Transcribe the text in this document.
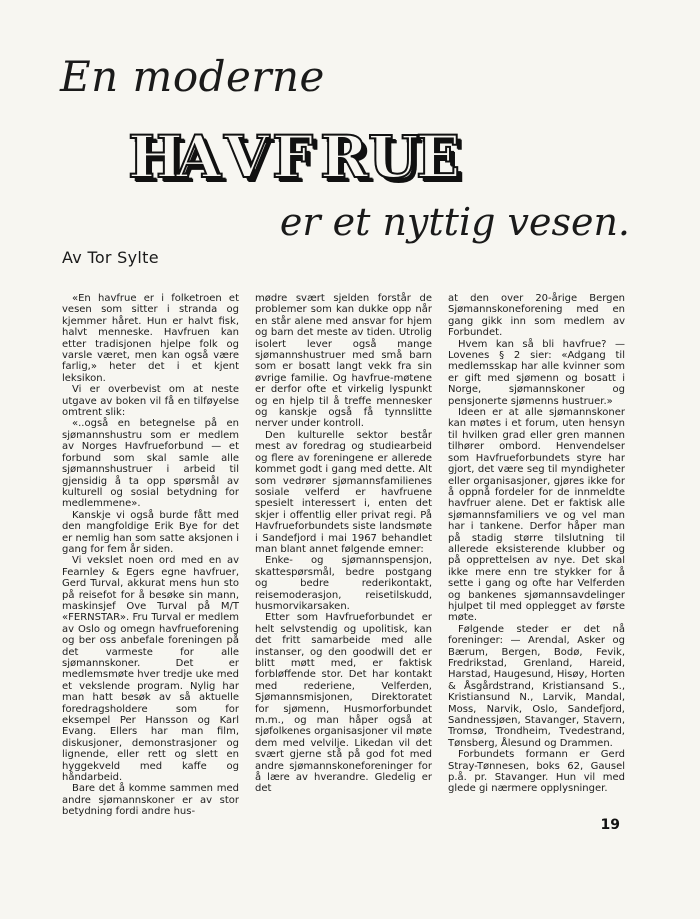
En moderne
HAVF RUE
er et nyttig vesen.
Av Tor Sylte

«En havfrue er i folketroen et vesen som sitter i stranda og kjemmer håret. Hun er halvt fisk, halvt menneske. Havfruen kan etter tradisjonen hjelpe folk og varsle været, men kan også være farlig,» heter det i et kjent leksikon.

Vi er overbevist om at neste utgave av boken vil få en tilføyelse omtrent slik:

«..også en betegnelse på en sjømannshustru som er medlem av Norges Havfrueforbund — et forbund som skal samle alle sjømannshustruer i arbeid til gjensidig å ta opp spørsmål av kulturell og sosial betydning for medlemmene».

Kanskje vi også burde fått med den mangfoldige Erik Bye for det er nemlig han som satte aksjonen i gang for fem år siden.

Vi vekslet noen ord med en av Fearnley & Egers egne havfruer, Gerd Turval, akkurat mens hun sto på reisefot for å besøke sin mann, maskinsjef Ove Turval på M/T «FERNSTAR». Fru Turval er medlem av Oslo og omegn havfrueforening og ber oss anbefale foreningen på det varmeste for alle sjømannskoner. Det er medlemsmøte hver tredje uke med et vekslende program. Nylig har man hatt besøk av så aktuelle foredragsholdere som for eksempel Per Hansson og Karl Evang. Ellers har man film, diskusjoner, demonstrasjoner og lignende, eller rett og slett en hyggekveld med kaffe og håndarbeid.

Bare det å komme sammen med andre sjømannskoner er av stor betydning fordi andre hus-

mødre svært sjelden forstår de problemer som kan dukke opp når en står alene med ansvar for hjem og barn det meste av tiden. Utrolig isolert lever også mange sjømannshustruer med små barn som er bosatt langt vekk fra sin øvrige familie. Og havfrue-møtene er derfor ofte et virkelig lyspunkt og en hjelp til å treffe mennesker og kanskje også få tynnslitte nerver under kontroll.

Den kulturelle sektor består mest av foredrag og studiearbeid og flere av foreningene er allerede kommet godt i gang med dette. Alt som vedrører sjømannsfamilienes sosiale velferd er havfruene spesielt interessert i, enten det skjer i offentlig eller privat regi. På Havfrueforbundets siste landsmøte i Sandefjord i mai 1967 behandlet man blant annet følgende emner:

Enke- og sjømannspensjon, skattespørsmål, bedre postgang og bedre rederikontakt, reisemoderasjon, reisetilskudd, husmorvikarsaken.

Etter som Havfrueforbundet er helt selvstendig og upolitisk, kan det fritt samarbeide med alle instanser, og den goodwill det er blitt møtt med, er faktisk forbløffende stor. Det har kontakt med rederiene, Velferden, Sjømannsmisjonen, Direktoratet for sjømenn, Husmorforbundet m.m., og man håper også at sjøfolkenes organisasjoner vil møte dem med velvilje. Likedan vil det svært gjerne stå på god fot med andre sjømannskoneforeninger for å lære av hverandre. Gledelig er det

at den over 20-årige Bergen Sjømannskoneforening med en gang gikk inn som medlem av Forbundet.

Hvem kan så bli havfrue? — Lovenes § 2 sier: «Adgang til medlemsskap har alle kvinner som er gift med sjømenn og bosatt i Norge, sjømannskoner og pensjonerte sjømenns hustruer.»

Ideen er at alle sjømannskoner kan møtes i et forum, uten hensyn til hvilken grad eller gren mannen tilhører ombord. Henvendelser som Havfrueforbundets styre har gjort, det være seg til myndigheter eller organisasjoner, gjøres ikke for å oppnå fordeler for de innmeldte havfruer alene. Det er faktisk alle sjømannsfamiliers ve og vel man har i tankene. Derfor håper man på stadig større tilslutning til allerede eksisterende klubber og på opprettelsen av nye. Det skal ikke mere enn tre stykker for å sette i gang og ofte har Velferden og bankenes sjømannsavdelinger hjulpet til med opplegget av første møte.

Følgende steder er det nå foreninger: — Arendal, Asker og Bærum, Bergen, Bodø, Fevik, Fredrikstad, Grenland, Hareid, Harstad, Haugesund, Hisøy, Horten & Åsgårdstrand, Kristiansand S., Kristiansund N., Larvik, Mandal, Moss, Narvik, Oslo, Sandefjord, Sandnessjøen, Stavanger, Stavern, Tromsø, Trondheim, Tvedestrand, Tønsberg, Ålesund og Drammen.

Forbundets formann er Gerd Stray-Tønnesen, boks 62, Gausel p.å. pr. Stavanger. Hun vil med glede gi nærmere opplysninger.

19
